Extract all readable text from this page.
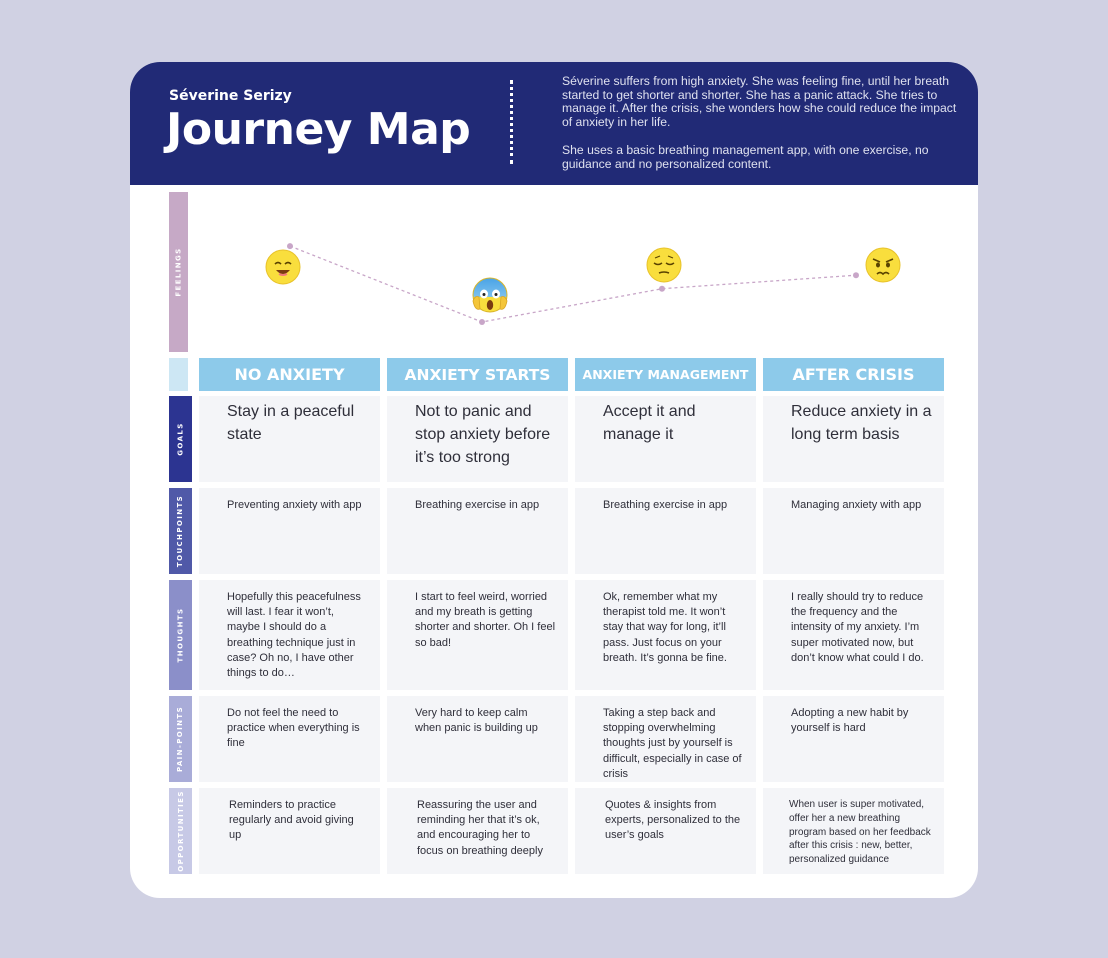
Séverine Serizy
Journey Map

Séverine suffers from high anxiety. She was feeling fine, until her breath started to get shorter and shorter. She has a panic attack. She tries to manage it. After the crisis, she wonders how she could reduce the impact of anxiety in her life.

She uses a basic breathing management app, with one exercise, no guidance and no personalized content.

FEELINGS
GOALS
TOUCHPOINTS
THOUGHTS
PAIN-POINTS
OPPORTUNITIES
NO ANXIETY
Stay in a peaceful state
Preventing anxiety with app
Hopefully this peacefulness will last. I fear it won’t, maybe I should do a breathing technique just in case? Oh no, I have other things to do…
Do not feel the need to practice when everything is fine
Reminders to practice regularly and avoid giving up
ANXIETY STARTS
Not to panic and stop anxiety before it’s too strong
Breathing exercise in app
I start to feel weird, worried and my breath is getting shorter and shorter. Oh I feel so bad!
Very hard to keep calm when panic is building up
Reassuring the user and reminding her that it’s ok, and encouraging her to focus on breathing deeply
ANXIETY MANAGEMENT
Accept it and manage it
Breathing exercise in app
Ok, remember what my therapist told me. It won’t stay that way for long, it’ll pass. Just focus on your breath. It’s gonna be fine.
Taking a step back and stopping overwhelming thoughts just by yourself is difficult, especially in case of crisis
Quotes & insights from experts, personalized to the user’s goals
AFTER CRISIS
Reduce anxiety in a long term basis
Managing anxiety with app
I really should try to reduce the frequency and the intensity of my anxiety. I’m super motivated now, but don’t know what could I do.
Adopting a new habit by yourself is hard
When user is super motivated, offer her a new breathing program based on her feedback after this crisis : new, better, personalized guidance
